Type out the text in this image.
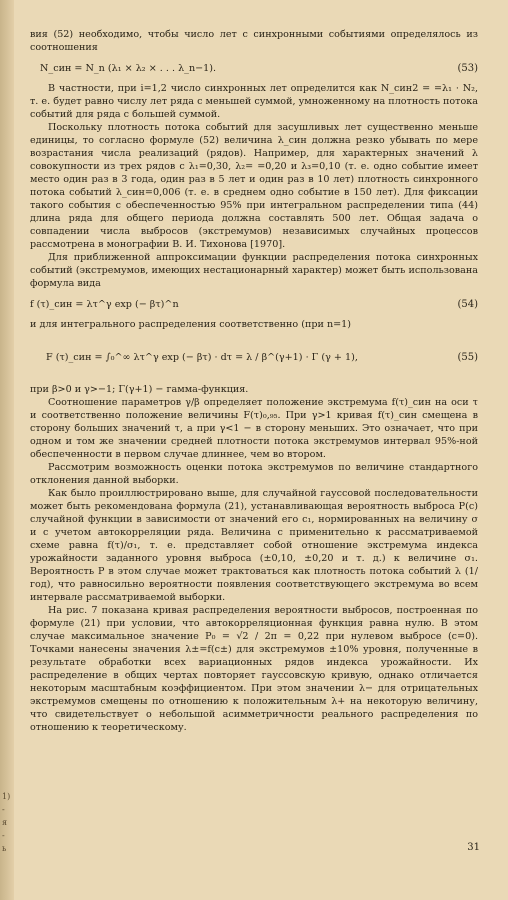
1)
-
я
-
ь

вия (52) необходимо, чтобы число лет с синхронными событиями определялось из соотношения

N_син = N_n (λ₁ × λ₂ × . . . λ_n−1).	(53)

В частности, при i=1,2 число синхронных лет определится как N_син2 = =λ₁ · N₂, т. е. будет равно числу лет ряда с меньшей суммой, умноженному на плотность потока событий для ряда с большей суммой.

Поскольку плотность потока событий для засушливых лет существенно меньше единицы, то согласно формуле (52) величина λ_син должна резко убывать по мере возрастания числа реализаций (рядов). Например, для характерных значений λ совокупности из трех рядов с λ₁=0,30, λ₂= =0,20 и λ₃=0,10 (т. е. одно событие имеет место один раз в 3 года, один раз в 5 лет и один раз в 10 лет) плотность синхронного потока событий λ_син=0,006 (т. е. в среднем одно событие в 150 лет). Для фиксации такого события с обеспеченностью 95% при интегральном распределении типа (44) длина ряда для общего периода должна составлять 500 лет. Общая задача о совпадении числа выбросов (экстремумов) независимых случайных процессов рассмотрена в монографии В. И. Тихонова [1970].

Для приближенной аппроксимации функции распределения потока синхронных событий (экстремумов, имеющих нестационарный характер) может быть использована формула вида

f (τ)_син = λτ^γ exp (− βτ)^n	(54)

и для интегрального распределения соответственно (при n=1)

F (τ)_син = ∫₀^∞ λτ^γ exp (− βτ) · dτ = λ / β^(γ+1) · Γ (γ + 1),	(55)

при β>0 и γ>−1; Γ(γ+1) − гамма-функция.

Соотношение параметров γ/β определяет положение экстремума f(τ)_син на оси τ и соответственно положение величины F(τ)₀,₉₅. При γ>1 кривая f(τ)_син смещена в сторону больших значений τ, а при γ<1 − в сторону меньших. Это означает, что при одном и том же значении средней плотности потока экстремумов интервал 95%-ной обеспеченности в первом случае длиннее, чем во втором.

Рассмотрим возможность оценки потока экстремумов по величине стандартного отклонения данной выборки.

Как было проиллюстрировано выше, для случайной гауссовой последовательности может быть рекомендована формула (21), устанавливающая вероятность выброса P(c) случайной функции в зависимости от значений его c₁, нормированных на величину σ и с учетом автокорреляции ряда. Величина c применительно к рассматриваемой схеме равна f(τ)/σ₁, т. е. представляет собой отношение экстремума индекса урожайности заданного уровня выброса (±0,10, ±0,20 и т. д.) к величине σ₁. Вероятность P в этом случае может трактоваться как плотность потока событий λ (1/год), что равносильно вероятности появления соответствующего экстремума во всем интервале рассматриваемой выборки.

На рис. 7 показана кривая распределения вероятности выбросов, построенная по формуле (21) при условии, что автокорреляционная функция равна нулю. В этом случае максимальное значение P₀ = √2 / 2π = 0,22 при нулевом выбросе (c=0). Точками нанесены значения λ±=f(c±) для экстремумов ±10% уровня, полученные в результате обработки всех вариационных рядов индекса урожайности. Их распределение в общих чертах повторяет гауссовскую кривую, однако отличается некоторым масштабным коэффициентом. При этом значении λ− для отрицательных экстремумов смещены по отношению к положительным λ+ на некоторую величину, что свидетельствует о небольшой асимметричности реального распределения по отношению к теоретическому.

31
